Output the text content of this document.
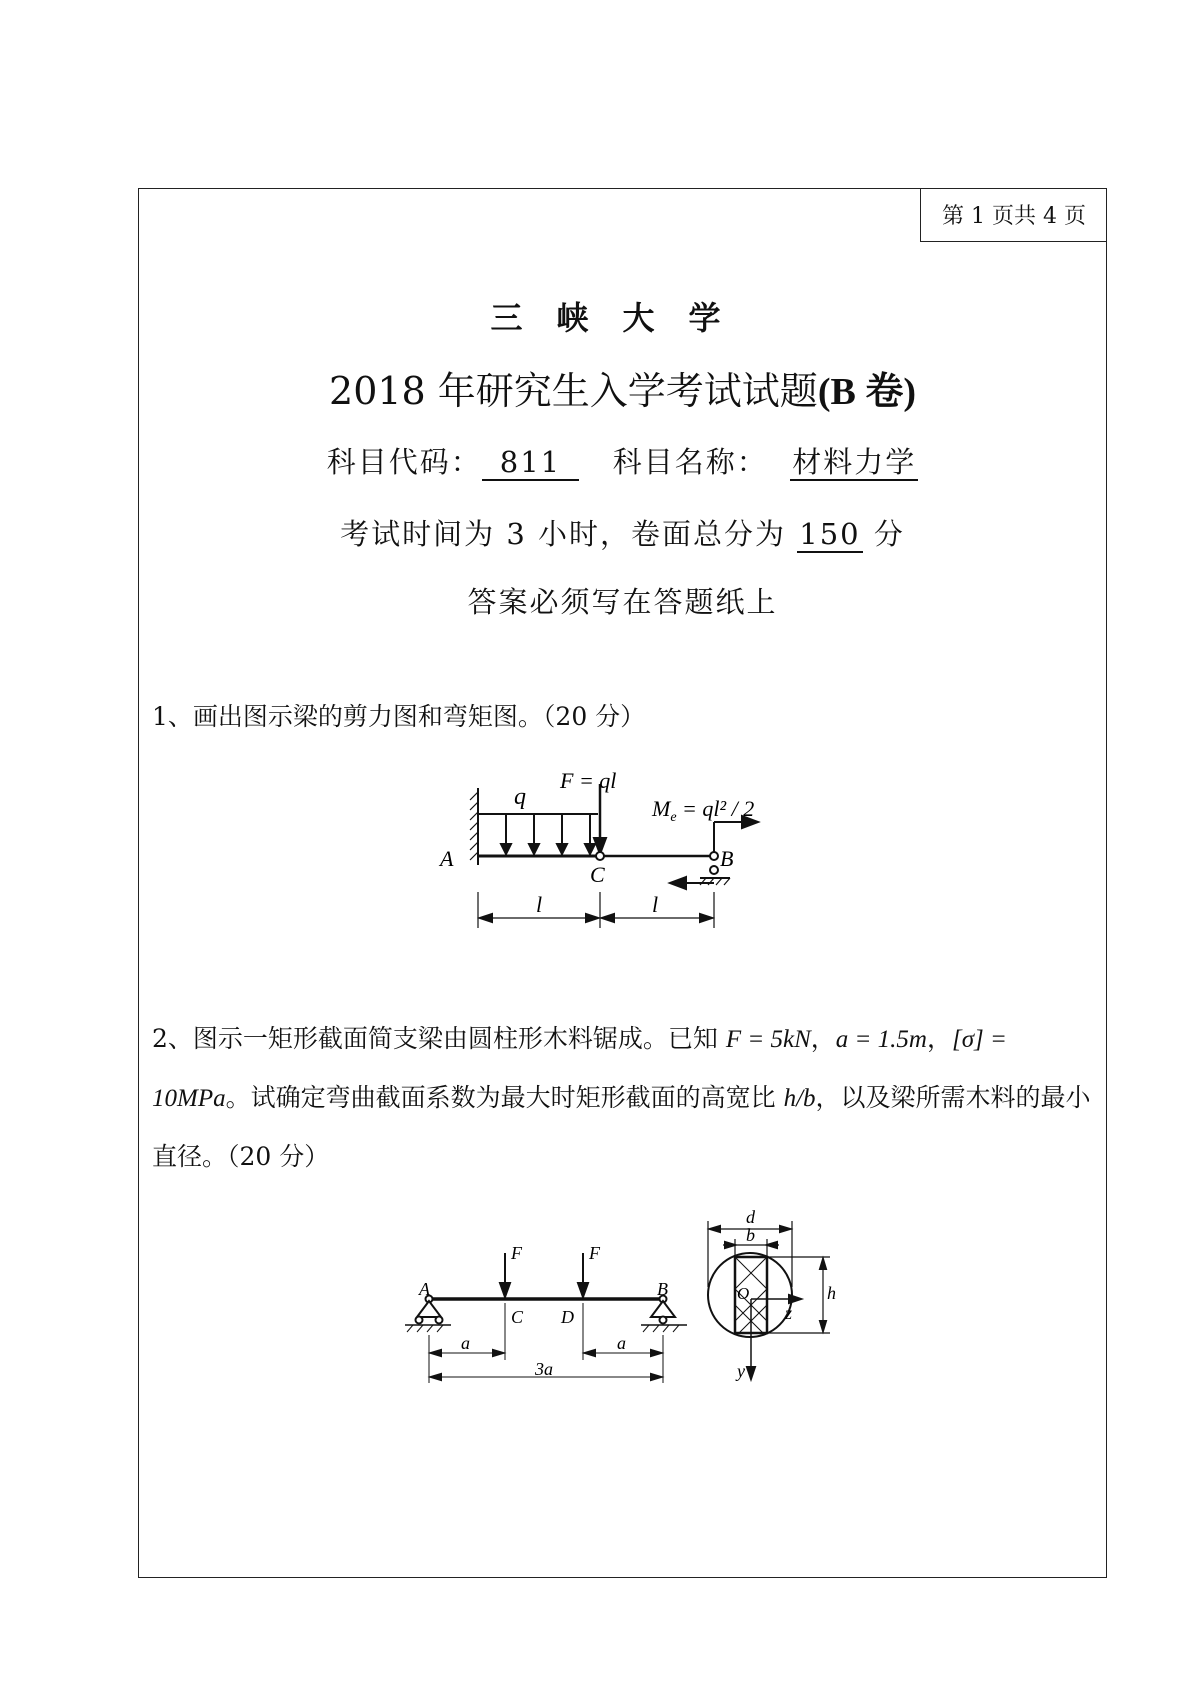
第 1 页共 4 页
三峡大学
2018 年研究生入学考试试题(B 卷)
科目代码： 811 科目名称： 材料力学
考试时间为 3 小时，卷面总分为 150 分
答案必须写在答题纸上
1、画出图示梁的剪力图和弯矩图。（20 分）
q
F = ql
$M_e = ql^2 / 2$
A
C
B
l	l
2、图示一矩形截面简支梁由圆柱形木料锯成。已知 F = 5kN，a = 1.5m，[σ] = 10MPa。试确定弯曲截面系数为最大时矩形截面的高宽比 h/b，以及梁所需木料的最小直径。（20 分）
A	B
C D
F	F
a	a
3a
d
b
O
z
h
y
